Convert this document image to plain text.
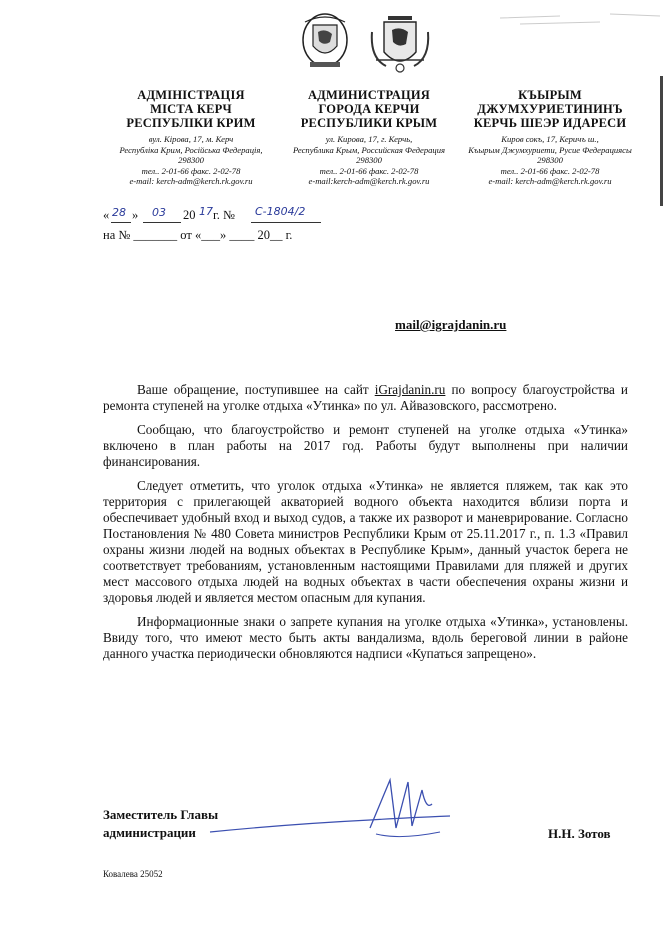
АДМІНІСТРАЦІЯ
МІСТА КЕРЧ
РЕСПУБЛІКИ КРИМ
вул. Кірова, 17, м. Керч
Республіка Крим, Російська Федерація,
298300
тел.. 2-01-66 факс. 2-02-78
e-mail: kerch-adm@kerch.rk.gov.ru
АДМИНИСТРАЦИЯ
ГОРОДА КЕРЧИ
РЕСПУБЛИКИ КРЫМ
ул. Кирова, 17, г. Керчь,
Республика Крым, Российская Федерация
298300
тел.. 2-01-66 факс. 2-02-78
e-mail:kerch-adm@kerch.rk.gov.ru
КЪЫРЫМ
ДЖУМХУРИЕТИНИНЪ
КЕРЧЬ ШЕЭР ИДАРЕСИ
Киров сокъ, 17, Керичъ ш.,
Къырым Джумхуриети, Русие Федерациясы
298300
тел.. 2-01-66 факс. 2-02-78
e-mail: kerch-adm@kerch.rk.gov.ru
« 28 » 03 20 17 г. № С-1804/2
на № _______ от «___» ____ 20__ г.
mail@igrajdanin.ru

Ваше обращение, поступившее на сайт iGrajdanin.ru по вопросу благоустройства и ремонта ступеней на уголке отдыха «Утинка» по ул. Айвазовского, рассмотрено.

Сообщаю, что благоустройство и ремонт ступеней на уголке отдыха «Утинка» включено в план работы на 2017 год. Работы будут выполнены при наличии финансирования.

Следует отметить, что уголок отдыха «Утинка» не является пляжем, так как это территория с прилегающей акваторией водного объекта находится вблизи порта и обеспечивает удобный вход и выход судов, а также их разворот и маневрирование. Согласно Постановления № 480 Совета министров Республики Крым от 25.11.2017 г., п. 1.3 «Правил охраны жизни людей на водных объектах в Республике Крым», данный участок берега не соответствует требованиям, установленным настоящими Правилами для пляжей и других мест массового отдыха людей на водных объектах в части обеспечения охраны жизни и здоровья людей и является местом опасным для купания.

Информационные знаки о запрете купания на уголке отдыха «Утинка», установлены. Ввиду того, что имеют место быть акты вандализма, вдоль береговой линии в районе данного участка периодически обновляются надписи «Купаться запрещено».

Заместитель Главы
администрации	Н.Н. Зотов
Ковалева 25052
